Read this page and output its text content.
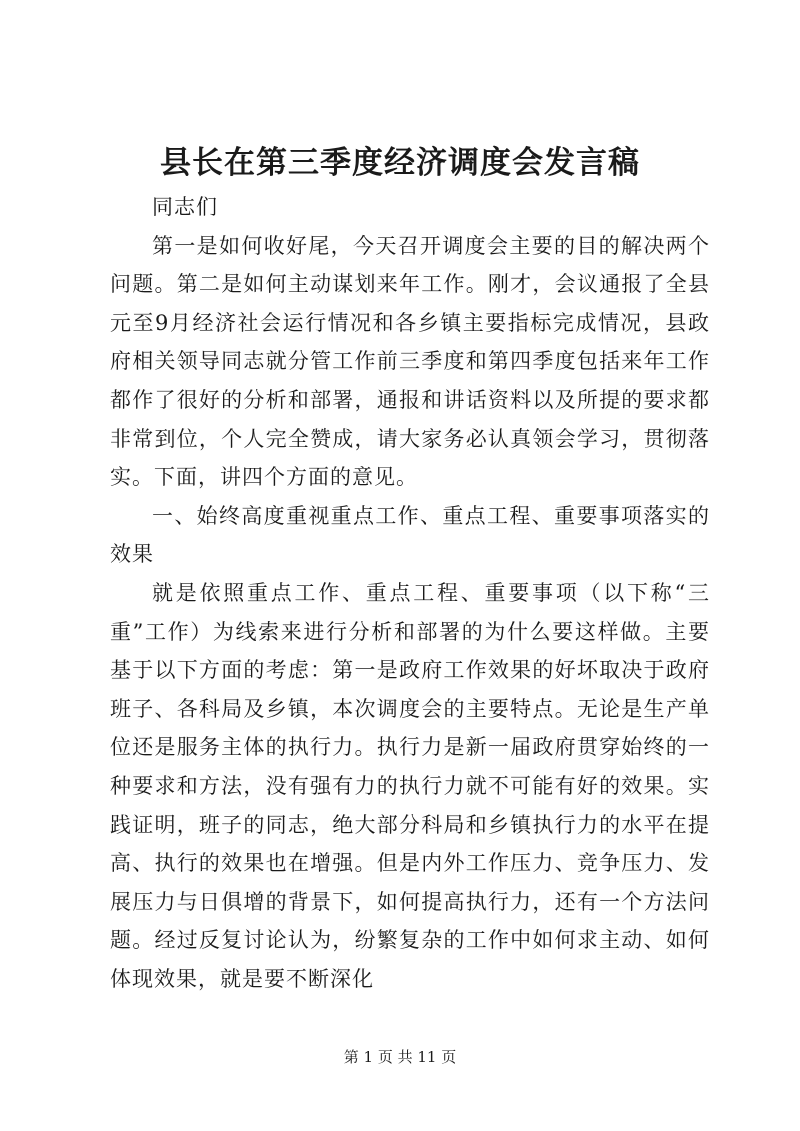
县长在第三季度经济调度会发言稿

同志们

第一是如何收好尾，今天召开调度会主要的目的解决两个问题。第二是如何主动谋划来年工作。刚才，会议通报了全县元至9月经济社会运行情况和各乡镇主要指标完成情况，县政府相关领导同志就分管工作前三季度和第四季度包括来年工作都作了很好的分析和部署，通报和讲话资料以及所提的要求都非常到位，个人完全赞成，请大家务必认真领会学习，贯彻落实。下面，讲四个方面的意见。

一、始终高度重视重点工作、重点工程、重要事项落实的效果

就是依照重点工作、重点工程、重要事项（以下称“三重”工作）为线索来进行分析和部署的为什么要这样做。主要基于以下方面的考虑：第一是政府工作效果的好坏取决于政府班子、各科局及乡镇，本次调度会的主要特点。无论是生产单位还是服务主体的执行力。执行力是新一届政府贯穿始终的一种要求和方法，没有强有力的执行力就不可能有好的效果。实践证明，班子的同志，绝大部分科局和乡镇执行力的水平在提高、执行的效果也在增强。但是内外工作压力、竞争压力、发展压力与日俱增的背景下，如何提高执行力，还有一个方法问题。经过反复讨论认为，纷繁复杂的工作中如何求主动、如何体现效果，就是要不断深化

第 1 页 共 11 页
